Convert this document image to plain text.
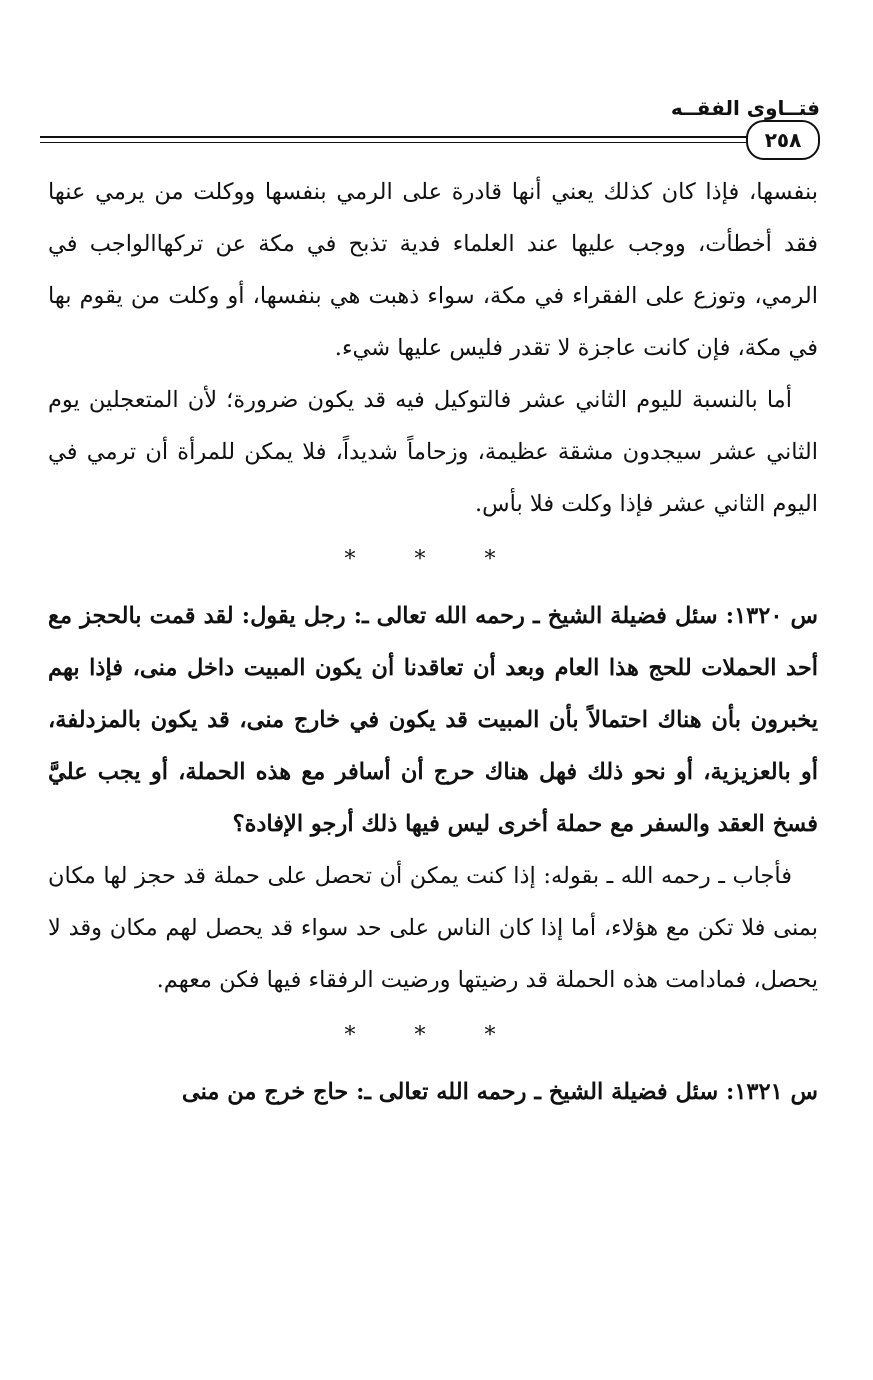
فتــاوى الفقــه
٢٥٨

بنفسها، فإذا كان كذلك يعني أنها قادرة على الرمي بنفسها ووكلت من يرمي عنها فقد أخطأت، ووجب عليها عند العلماء فدية تذبح في مكة عن تركهاالواجب في الرمي، وتوزع على الفقراء في مكة، سواء ذهبت هي بنفسها، أو وكلت من يقوم بها في مكة، فإن كانت عاجزة لا تقدر فليس عليها شيء.

أما بالنسبة لليوم الثاني عشر فالتوكيل فيه قد يكون ضرورة؛ لأن المتعجلين يوم الثاني عشر سيجدون مشقة عظيمة، وزحاماً شديداً، فلا يمكن للمرأة أن ترمي في اليوم الثاني عشر فإذا وكلت فلا بأس.

* * *

س ١٣٢٠: سئل فضيلة الشيخ ـ رحمه الله تعالى ـ: رجل يقول: لقد قمت بالحجز مع أحد الحملات للحج هذا العام وبعد أن تعاقدنا أن يكون المبيت داخل منى، فإذا بهم يخبرون بأن هناك احتمالاً بأن المبيت قد يكون في خارج منى، قد يكون بالمزدلفة، أو بالعزيزية، أو نحو ذلك فهل هناك حرج أن أسافر مع هذه الحملة، أو يجب عليَّ فسخ العقد والسفر مع حملة أخرى ليس فيها ذلك أرجو الإفادة؟

فأجاب ـ رحمه الله ـ بقوله: إذا كنت يمكن أن تحصل على حملة قد حجز لها مكان بمنى فلا تكن مع هؤلاء، أما إذا كان الناس على حد سواء قد يحصل لهم مكان وقد لا يحصل، فمادامت هذه الحملة قد رضيتها ورضيت الرفقاء فيها فكن معهم.

* * *

س ١٣٢١: سئل فضيلة الشيخ ـ رحمه الله تعالى ـ: حاج خرج من منى
